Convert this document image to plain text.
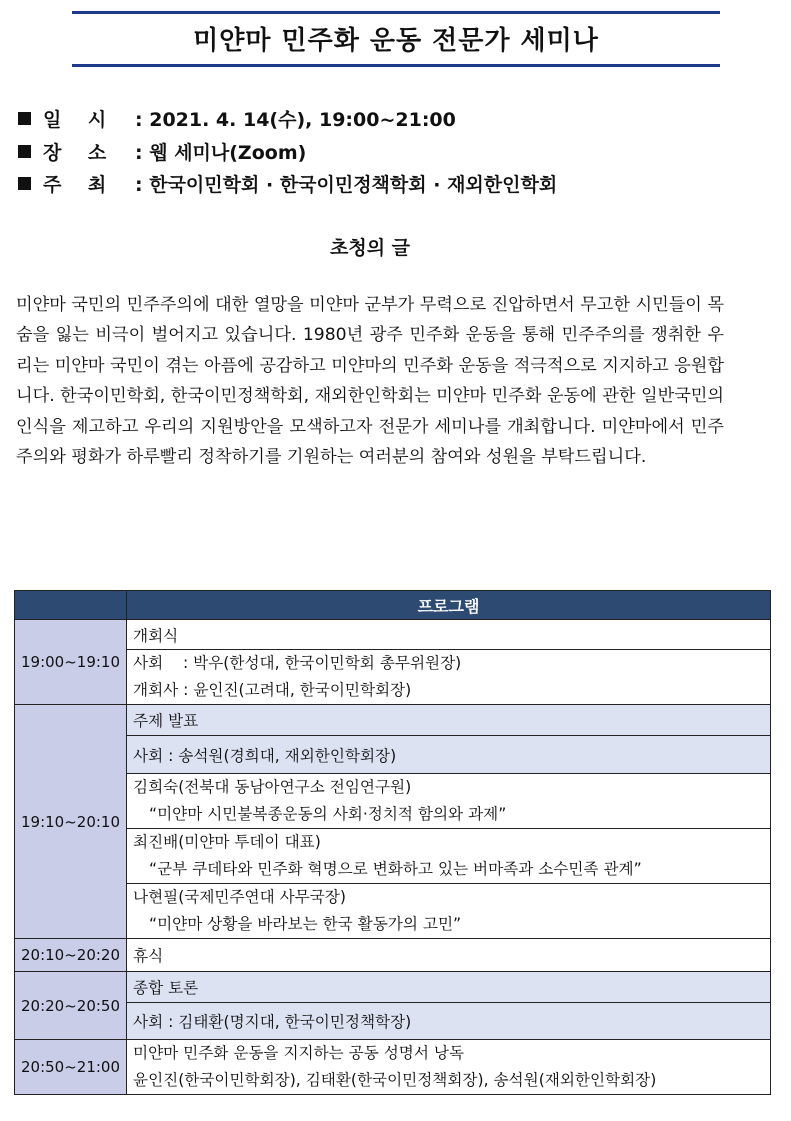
미얀마 민주화 운동 전문가 세미나
일    시 : 2021. 4. 14(수), 19:00~21:00
장    소 : 웹 세미나(Zoom)
주    최 : 한국이민학회 · 한국이민정책학회 · 재외한인학회
초청의 글
미얀마 국민의 민주주의에 대한 열망을 미얀마 군부가 무력으로 진압하면서 무고한 시민들이 목숨을 잃는 비극이 벌어지고 있습니다. 1980년 광주 민주화 운동을 통해 민주주의를 쟁취한 우리는 미얀마 국민이 겪는 아픔에 공감하고 미얀마의 민주화 운동을 적극적으로 지지하고 응원합니다. 한국이민학회, 한국이민정책학회, 재외한인학회는 미얀마 민주화 운동에 관한 일반국민의 인식을 제고하고 우리의 지원방안을 모색하고자 전문가 세미나를 개최합니다. 미얀마에서 민주주의와 평화가 하루빨리 정착하기를 기원하는 여러분의 참여와 성원을 부탁드립니다.
	프로그램
19:00~19:10	개회식

	사회    : 박우(한성대, 한국이민학회 총무위원장)
개회사 : 윤인진(고려대, 한국이민학회장)

19:10~20:10	주제 발표
	사회 : 송석원(경희대, 재외한인학회장)

	김희숙(전북대 동남아연구소 전임연구원)
“미얀마 시민불복종운동의 사회·정치적 함의와 과제”

	최진배(미얀마 투데이 대표)
“군부 쿠데타와 민주화 혁명으로 변화하고 있는 버마족과 소수민족 관계”

	나현필(국제민주연대 사무국장)
“미얀마 상황을 바라보는 한국 활동가의 고민”

20:10~20:20	휴식
20:20~20:50	종합 토론
	사회 : 김태환(명지대, 한국이민정책학장)
20:50~21:00	미얀마 민주화 운동을 지지하는 공동 성명서 낭독
윤인진(한국이민학회장), 김태환(한국이민정책회장), 송석원(재외한인학회장)
